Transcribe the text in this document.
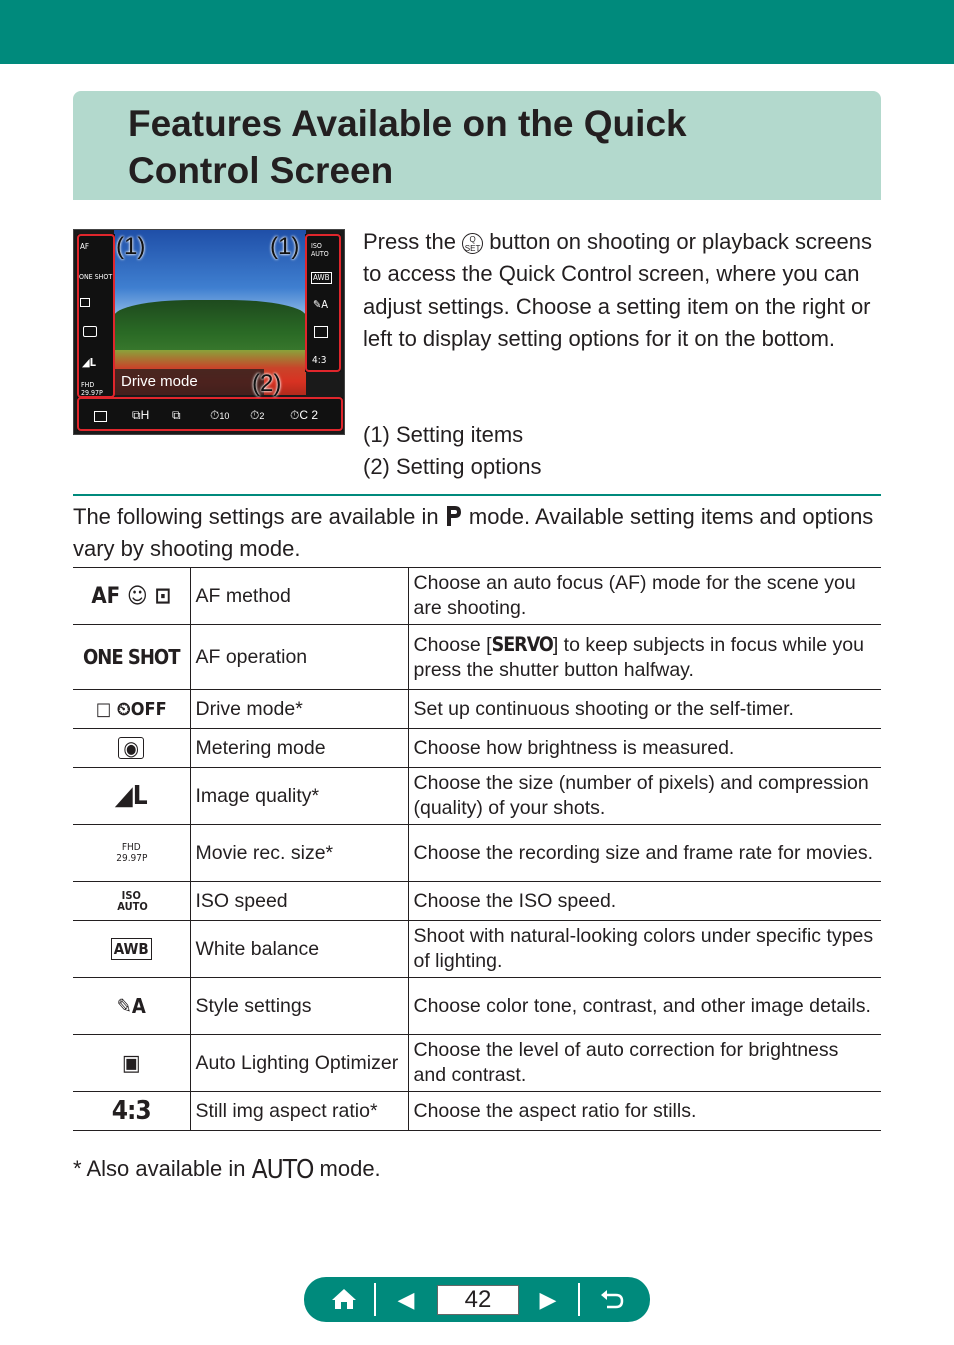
Features Available on the Quick
Control Screen
AF
ONE SHOT
◢L
FHD 29.97P
ISO AUTO
AWB
✎A
4:3
Drive mode
⧉H ⧉ ⏱10 ⏱2 ⏱C 2
(1)	(1)
(2)
Press the Q SET button on shooting or playback screens to access the Quick Control screen, where you can adjust settings. Choose a setting item on the right or left to display setting options for it on the bottom.
(1) Setting items
(2) Setting options
The following settings are available in mode. Available setting items and options vary by shooting mode.
AF ☺ ⊡	AF method	Choose an auto focus (AF) mode for the scene you are shooting.
ONE SHOT	AF operation	Choose [SERVO] to keep subjects in focus while you press the shutter button halfway.
□ ⏲OFF	Drive mode*	Set up continuous shooting or the self-timer.
◉	Metering mode	Choose how brightness is measured.
◢L	Image quality*	Choose the size (number of pixels) and compression (quality) of your shots.
FHD 29.97P	Movie rec. size*	Choose the recording size and frame rate for movies.
ISO AUTO	ISO speed	Choose the ISO speed.
AWB	White balance	Shoot with natural-looking colors under specific types of lighting.
✎A	Style settings	Choose color tone, contrast, and other image details.
▣	Auto Lighting Optimizer	Choose the level of auto correction for brightness and contrast.
4:3	Still img aspect ratio*	Choose the aspect ratio for stills.
* Also available in AUTO mode.
◀	42	▶
